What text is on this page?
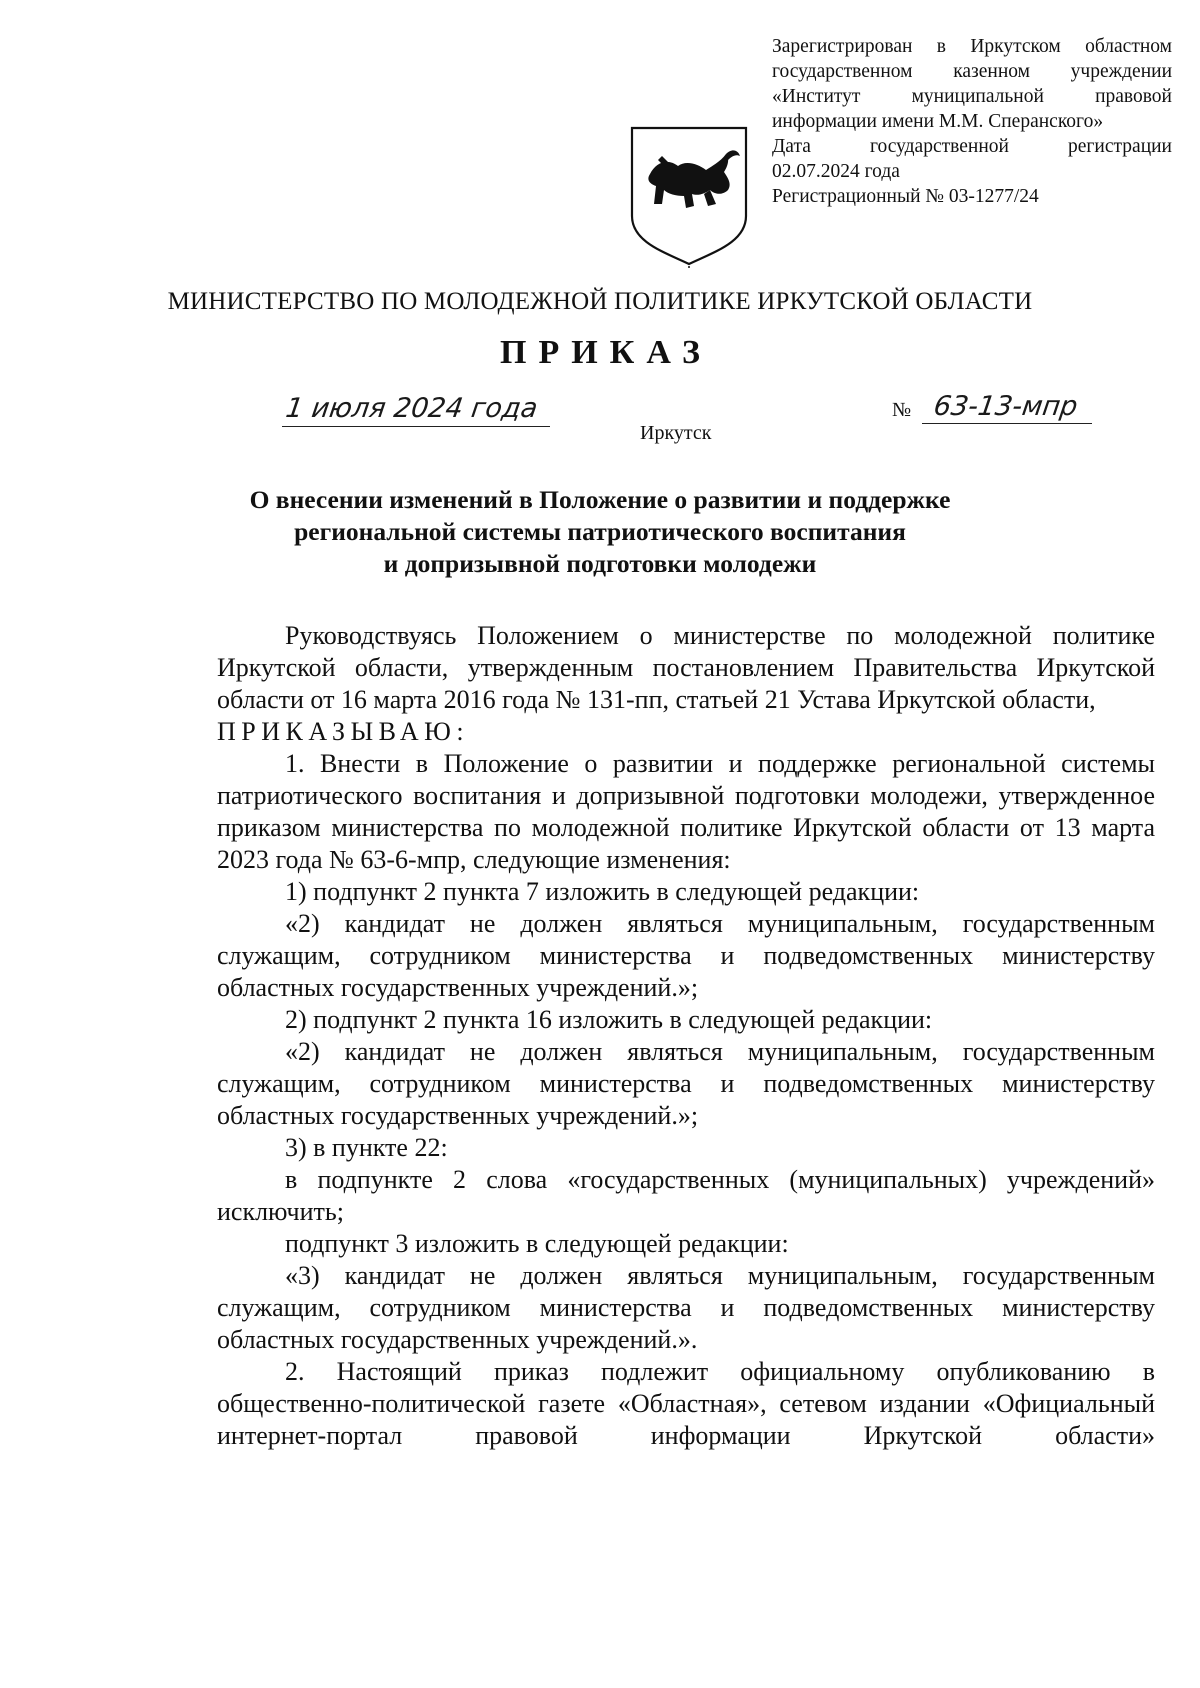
Зарегистрирован в Иркутском областном
государственном казенном учреждении
«Институт муниципальной правовой
информации имени М.М. Сперанского»
Дата государственной регистрации
02.07.2024 года
Регистрационный № 03-1277/24
МИНИСТЕРСТВО ПО МОЛОДЕЖНОЙ ПОЛИТИКЕ ИРКУТСКОЙ ОБЛАСТИ
ПРИКАЗ
1 июля 2024 года	№ 63-13-мпр
Иркутск
О внесении изменений в Положение о развитии и поддержке
региональной системы патриотического воспитания
и допризывной подготовки молодежи

Руководствуясь Положением о министерстве по молодежной политике Иркутской области, утвержденным постановлением Правительства Иркутской области от 16 марта 2016 года № 131-пп, статьей 21 Устава Иркутской области,

ПРИКАЗЫВАЮ:

1. Внести в Положение о развитии и поддержке региональной системы патриотического воспитания и допризывной подготовки молодежи, утвержденное приказом министерства по молодежной политике Иркутской области от 13 марта 2023 года № 63-6-мпр, следующие изменения:

1) подпункт 2 пункта 7 изложить в следующей редакции:

«2) кандидат не должен являться муниципальным, государственным служащим, сотрудником министерства и подведомственных министерству областных государственных учреждений.»;

2) подпункт 2 пункта 16 изложить в следующей редакции:

«2) кандидат не должен являться муниципальным, государственным служащим, сотрудником министерства и подведомственных министерству областных государственных учреждений.»;

3) в пункте 22:

в подпункте 2 слова «государственных (муниципальных) учреждений» исключить;

подпункт 3 изложить в следующей редакции:

«3) кандидат не должен являться муниципальным, государственным служащим, сотрудником министерства и подведомственных министерству областных государственных учреждений.».

2. Настоящий приказ подлежит официальному опубликованию в общественно-политической газете «Областная», сетевом издании «Официальный интернет-портал правовой информации Иркутской области»
